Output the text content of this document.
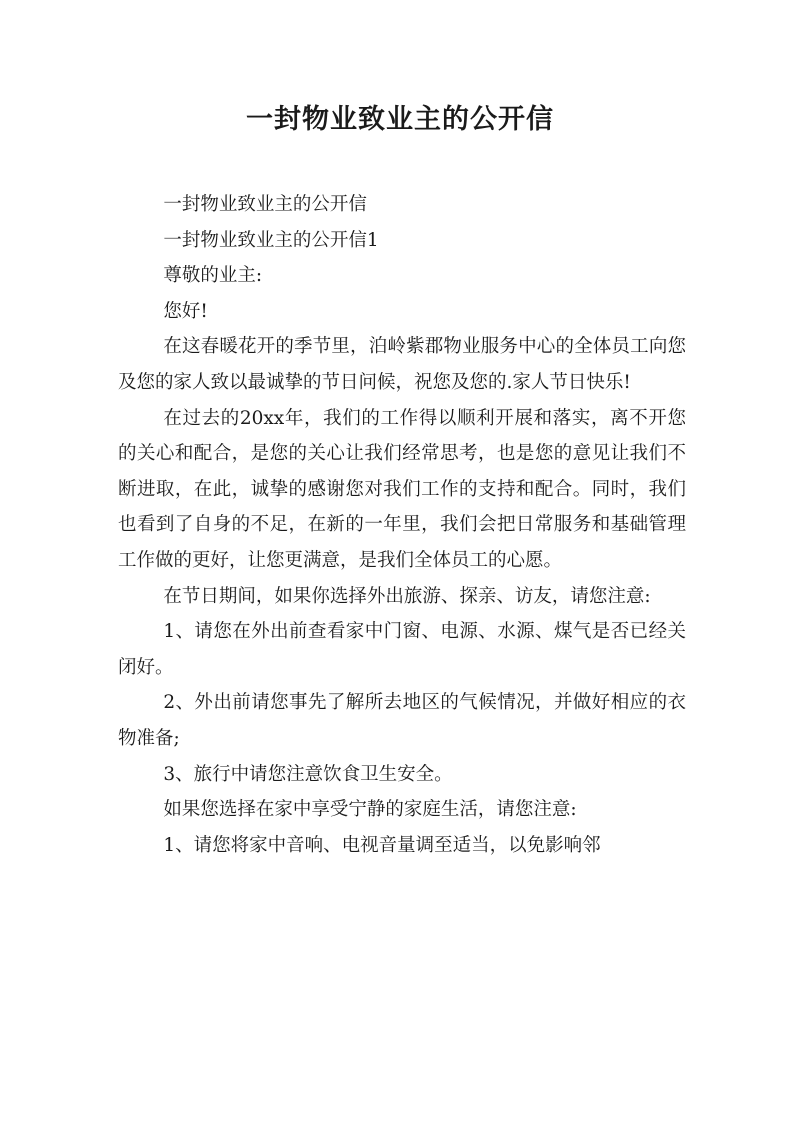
一封物业致业主的公开信

一封物业致业主的公开信

一封物业致业主的公开信1

尊敬的业主:

您好!

在这春暖花开的季节里，泊岭紫郡物业服务中心的全体员工向您及您的家人致以最诚挚的节日问候，祝您及您的.家人节日快乐!

在过去的20xx年，我们的工作得以顺利开展和落实，离不开您的关心和配合，是您的关心让我们经常思考，也是您的意见让我们不断进取，在此，诚挚的感谢您对我们工作的支持和配合。同时，我们也看到了自身的不足，在新的一年里，我们会把日常服务和基础管理工作做的更好，让您更满意，是我们全体员工的心愿。

在节日期间，如果你选择外出旅游、探亲、访友，请您注意:

1、请您在外出前查看家中门窗、电源、水源、煤气是否已经关闭好。

2、外出前请您事先了解所去地区的气候情况，并做好相应的衣物准备;

3、旅行中请您注意饮食卫生安全。

如果您选择在家中享受宁静的家庭生活，请您注意:

1、请您将家中音响、电视音量调至适当，以免影响邻
